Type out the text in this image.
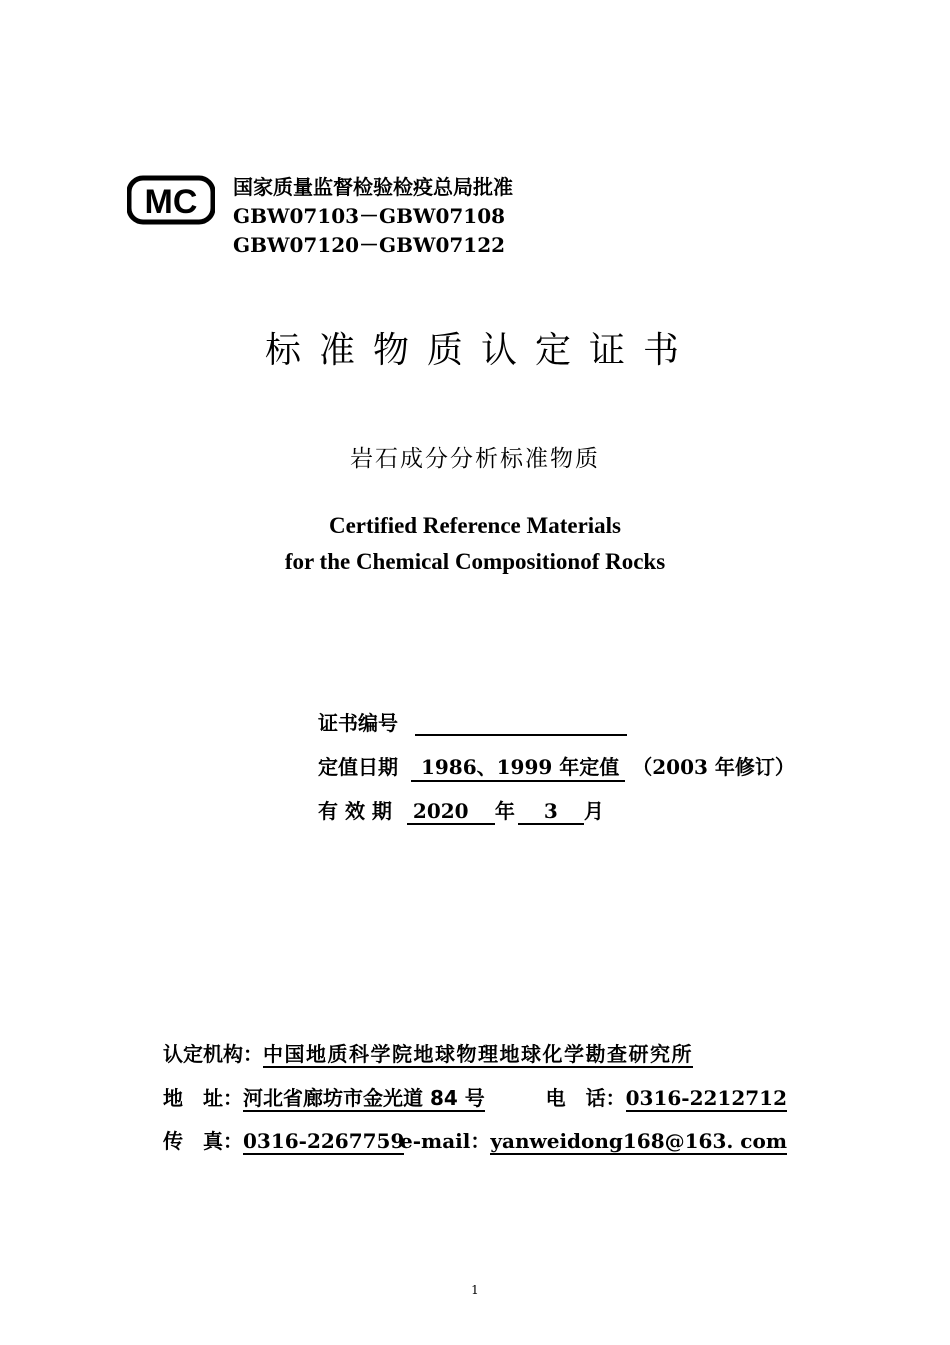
MC 国家质量监督检验检疫总局批准
GBW07103－GBW07108
GBW07120－GBW07122
标准物质认定证书
岩石成分分析标准物质
Certified Reference Materials
for the Chemical Compositionof Rocks
证书编号
定值日期 1986、1999 年定值 （2003 年修订）
有 效 期 2020 年 3 月
认定机构：中国地质科学院地球物理地球化学勘查研究所
地　址：河北省廊坊市金光道 84 号	电　话：0316-2212712
传　真：0316-2267759
e-mail：yanweidong168@163. com
1
